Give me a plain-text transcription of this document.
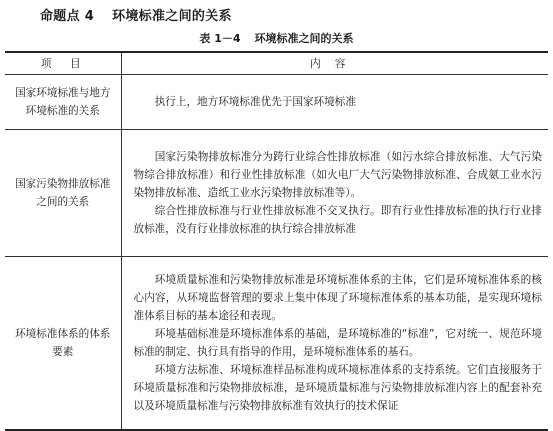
命题点 4 环境标准之间的关系
表 1－4 环境标准之间的关系
项　目	内容
国家环境标准与地方环境标准的关系	执行上，地方环境标准优先于国家环境标准

国家污染物排放标准之间的关系	国家污染物排放标准分为跨行业综合性排放标准（如污水综合排放标准、大气污染物综合排放标准）和行业性排放标准（如火电厂大气污染物排放标准、合成氨工业水污染物排放标准、造纸工业水污染物排放标准等）。

综合性排放标准与行业性排放标准不交叉执行。即有行业性排放标准的执行行业排放标准，没有行业排放标准的执行综合排放标准

环境标准体系的体系要素	环境质量标准和污染物排放标准是环境标准体系的主体，它们是环境标准体系的核心内容，从环境监督管理的要求上集中体现了环境标准体系的基本功能，是实现环境标准体系目标的基本途径和表现。

环境基础标准是环境标准体系的基础，是环境标准的“标准”，它对统一、规范环境标准的制定、执行具有指导的作用，是环境标准体系的基石。

环境方法标准、环境标准样品标准构成环境标准体系的支持系统。它们直接服务于环境质量标准和污染物排放标准，是环境质量标准与污染物排放标准内容上的配套补充以及环境质量标准与污染物排放标准有效执行的技术保证
